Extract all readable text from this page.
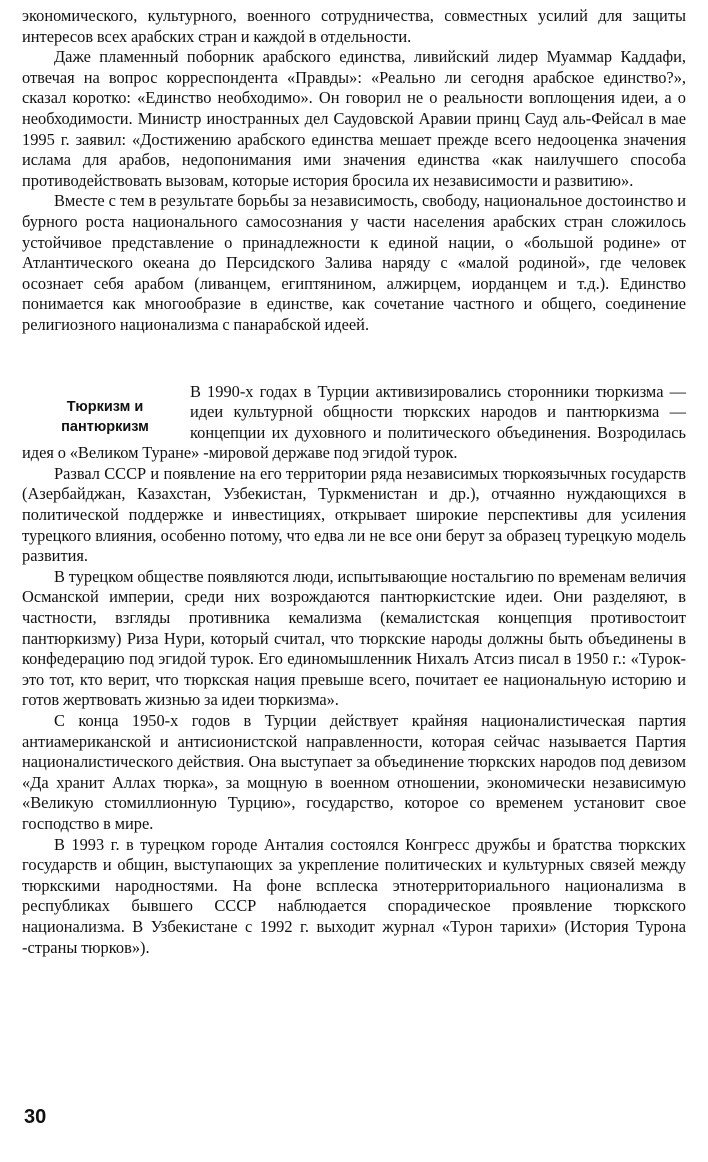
экономического, культурного, военного сотрудничества, совместных усилий для защиты интересов всех арабских стран и каждой в отдельности.

Даже пламенный поборник арабского единства, ливийский лидер Муаммар Каддафи, отвечая на вопрос корреспондента «Правды»: «Реально ли сегодня арабское единство?», сказал коротко: «Единство необходимо». Он говорил не о реальности воплощения идеи, а о необходимости. Министр иностранных дел Саудовской Аравии принц Сауд аль-Фейсал в мае 1995 г. заявил: «Достижению арабского единства мешает прежде всего недооценка значения ислама для арабов, недопонимания ими значения единства «как наилучшего способа противодействовать вызовам, которые история бросила их независимости и развитию».

Вместе с тем в результате борьбы за независимость, свободу, национальное достоинство и бурного роста национального самосознания у части населения арабских стран сложилось устойчивое представление о принадлежности к единой нации, о «большой родине» от Атлантического океана до Персидского Залива наряду с «малой родиной», где человек осознает себя арабом (ливанцем, египтянином, алжирцем, иорданцем и т.д.). Единство понимается как многообразие в единстве, как сочетание частного и общего, соединение религиозного национализма с панарабской идеей.

Тюркизм и
пантюркизм

В 1990-х годах в Турции активизировались сторонники тюркизма — идеи культурной общности тюркских народов и пантюркизма — концепции их духовного и политического объединения. Возродилась идея о «Великом Туране» -мировой державе под эгидой турок.

Развал СССР и появление на его территории ряда независимых тюркоязычных государств (Азербайджан, Казахстан, Узбекистан, Туркменистан и др.), отчаянно нуждающихся в политической поддержке и инвестициях, открывает широкие перспективы для усиления турецкого влияния, особенно потому, что едва ли не все они берут за образец турецкую модель развития.

В турецком обществе появляются люди, испытывающие ностальгию по временам величия Османской империи, среди них возрождаются пантюркистские идеи. Они разделяют, в частности, взгляды противника кемализма (кемалистская концепция противостоит пантюркизму) Риза Нури, который считал, что тюркские народы должны быть объединены в конфедерацию под эгидой турок. Его единомышленник Нихалъ Атсиз писал в 1950 г.: «Турок-это тот, кто верит, что тюркская нация превыше всего, почитает ее национальную историю и готов жертвовать жизнью за идеи тюркизма».

С конца 1950-х годов в Турции действует крайняя националистическая партия антиамериканской и антисионистской направленности, которая сейчас называется Партия националистического действия. Она выступает за объединение тюркских народов под девизом «Да хранит Аллах тюрка», за мощную в военном отношении, экономически независимую «Великую стомиллионную Турцию», государство, которое со временем установит свое господство в мире.

В 1993 г. в турецком городе Анталия состоялся Конгресс дружбы и братства тюркских государств и общин, выступающих за укрепление политических и культурных связей между тюркскими народностями. На фоне всплеска этнотерриториального национализма в республиках бывшего СССР наблюдается спорадическое проявление тюркского национализма. В Узбекистане с 1992 г. выходит журнал «Турон тарихи» (История Турона -страны тюрков»).

30
